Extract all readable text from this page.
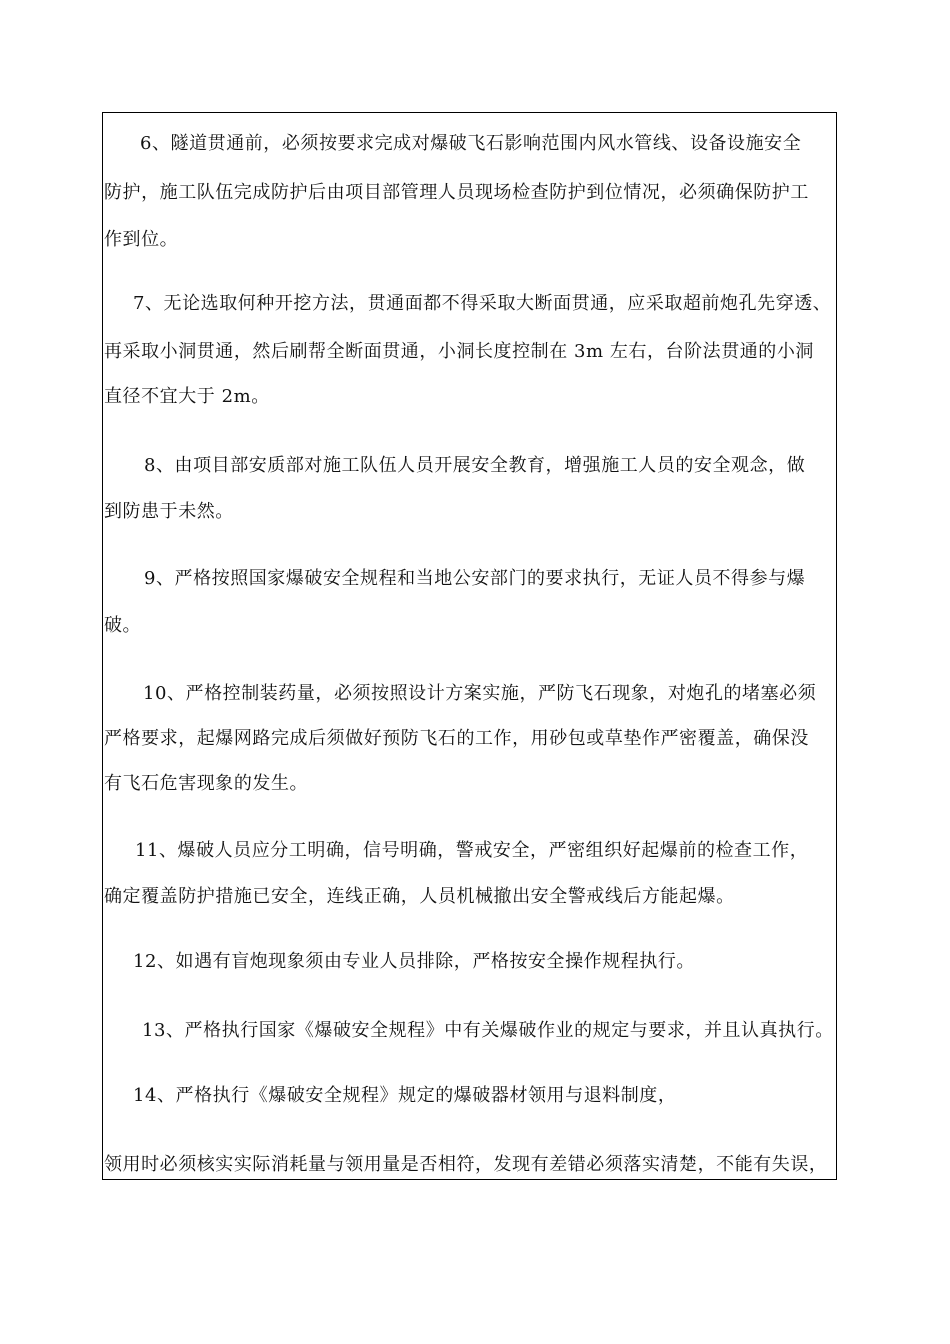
6、隧道贯通前，必须按要求完成对爆破飞石影响范围内风水管线、设备设施安全
防护，施工队伍完成防护后由项目部管理人员现场检查防护到位情况，必须确保防护工
作到位。
7、无论选取何种开挖方法，贯通面都不得采取大断面贯通，应采取超前炮孔先穿透、
再采取小洞贯通，然后刷帮全断面贯通，小洞长度控制在 3m 左右，台阶法贯通的小洞
直径不宜大于 2m。
8、由项目部安质部对施工队伍人员开展安全教育，增强施工人员的安全观念，做
到防患于未然。
9、严格按照国家爆破安全规程和当地公安部门的要求执行，无证人员不得参与爆
破。
10、严格控制装药量，必须按照设计方案实施，严防飞石现象，对炮孔的堵塞必须
严格要求，起爆网路完成后须做好预防飞石的工作，用砂包或草垫作严密覆盖，确保没
有飞石危害现象的发生。
11、爆破人员应分工明确，信号明确，警戒安全，严密组织好起爆前的检查工作，
确定覆盖防护措施已安全，连线正确，人员机械撤出安全警戒线后方能起爆。
12、如遇有盲炮现象须由专业人员排除，严格按安全操作规程执行。
13、严格执行国家《爆破安全规程》中有关爆破作业的规定与要求，并且认真执行。
14、严格执行《爆破安全规程》规定的爆破器材领用与退料制度，
领用时必须核实实际消耗量与领用量是否相符，发现有差错必须落实清楚，不能有失误，
